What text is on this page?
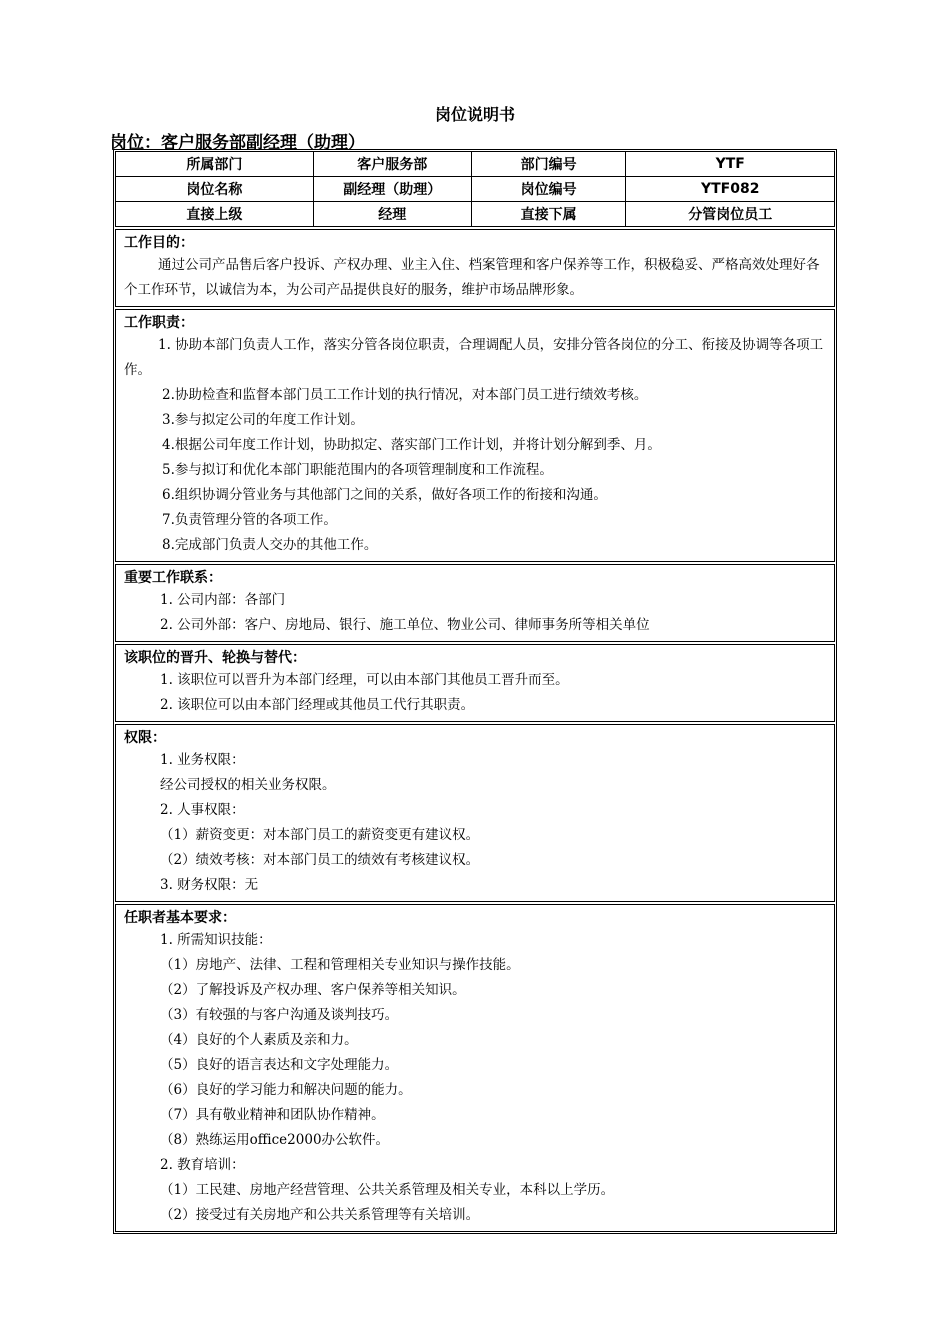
岗位说明书
岗位：客户服务部副经理（助理）
所属部门	客户服务部	部门编号	YTF
岗位名称	副经理（助理）	岗位编号	YTF082
直接上级	经理	直接下属	分管岗位员工
工作目的：
通过公司产品售后客户投诉、产权办理、业主入住、档案管理和客户保养等工作，积极稳妥、严格高效处理好各个工作环节，以诚信为本，为公司产品提供良好的服务，维护市场品牌形象。
工作职责：
1. 协助本部门负责人工作，落实分管各岗位职责，合理调配人员，安排分管各岗位的分工、衔接及协调等各项工作。
2.协助检查和监督本部门员工工作计划的执行情况，对本部门员工进行绩效考核。
3.参与拟定公司的年度工作计划。
4.根据公司年度工作计划，协助拟定、落实部门工作计划，并将计划分解到季、月。
5.参与拟订和优化本部门职能范围内的各项管理制度和工作流程。
6.组织协调分管业务与其他部门之间的关系，做好各项工作的衔接和沟通。
7.负责管理分管的各项工作。
8.完成部门负责人交办的其他工作。
重要工作联系：
1. 公司内部：各部门
2. 公司外部：客户、房地局、银行、施工单位、物业公司、律师事务所等相关单位
该职位的晋升、轮换与替代：
1. 该职位可以晋升为本部门经理，可以由本部门其他员工晋升而至。
2. 该职位可以由本部门经理或其他员工代行其职责。
权限：
1. 业务权限：
经公司授权的相关业务权限。
2. 人事权限：
（1）薪资变更：对本部门员工的薪资变更有建议权。
（2）绩效考核：对本部门员工的绩效有考核建议权。
3. 财务权限：无
任职者基本要求：
1. 所需知识技能：
（1）房地产、法律、工程和管理相关专业知识与操作技能。
（2）了解投诉及产权办理、客户保养等相关知识。
（3）有较强的与客户沟通及谈判技巧。
（4）良好的个人素质及亲和力。
（5）良好的语言表达和文字处理能力。
（6）良好的学习能力和解决问题的能力。
（7）具有敬业精神和团队协作精神。
（8）熟练运用office2000办公软件。
2. 教育培训：
（1）工民建、房地产经营管理、公共关系管理及相关专业，本科以上学历。
（2）接受过有关房地产和公共关系管理等有关培训。
